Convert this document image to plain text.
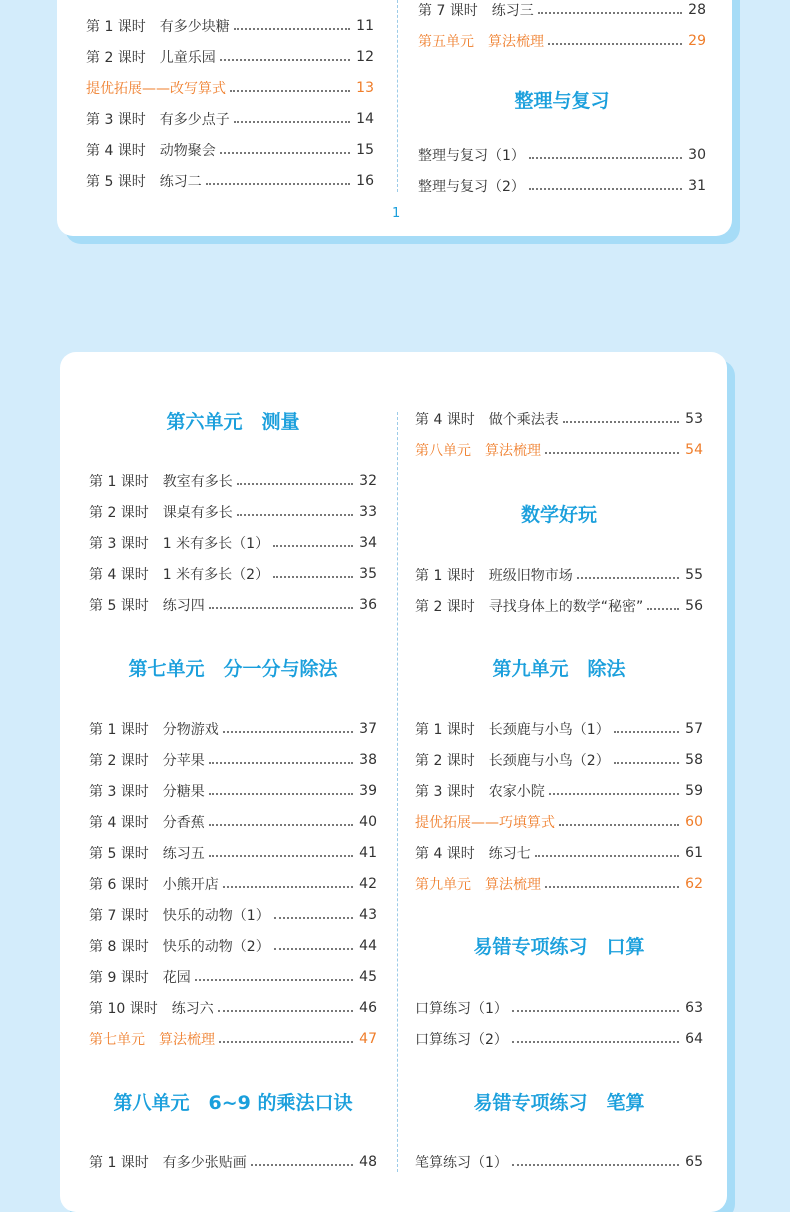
第 1 课时　有多少块糖	11
第 2 课时　儿童乐园	12
提优拓展——改写算式	13
第 3 课时　有多少点子	14
第 4 课时　动物聚会	15
第 5 课时　练习二	16
整理与复习
第 7 课时　练习三	28
第五单元　算法梳理	29
整理与复习（1）	30
整理与复习（2）	31
1
第六单元　测量
第七单元　分一分与除法
第八单元　6~9 的乘法口诀
第 1 课时　教室有多长	32
第 2 课时　课桌有多长	33
第 3 课时　1 米有多长（1）	34
第 4 课时　1 米有多长（2）	35
第 5 课时　练习四	36
第 1 课时　分物游戏	37
第 2 课时　分苹果	38
第 3 课时　分糖果	39
第 4 课时　分香蕉	40
第 5 课时　练习五	41
第 6 课时　小熊开店	42
第 7 课时　快乐的动物（1）	43
第 8 课时　快乐的动物（2）	44
第 9 课时　花园	45
第 10 课时　练习六	46
第七单元　算法梳理	47
第 1 课时　有多少张贴画	48
数学好玩
第九单元　除法
易错专项练习　口算
易错专项练习　笔算
第 4 课时　做个乘法表	53
第八单元　算法梳理	54
第 1 课时　班级旧物市场	55
第 2 课时　寻找身体上的数学“秘密”	56
第 1 课时　长颈鹿与小鸟（1）	57
第 2 课时　长颈鹿与小鸟（2）	58
第 3 课时　农家小院	59
提优拓展——巧填算式	60
第 4 课时　练习七	61
第九单元　算法梳理	62
口算练习（1）	63
口算练习（2）	64
笔算练习（1）	65
